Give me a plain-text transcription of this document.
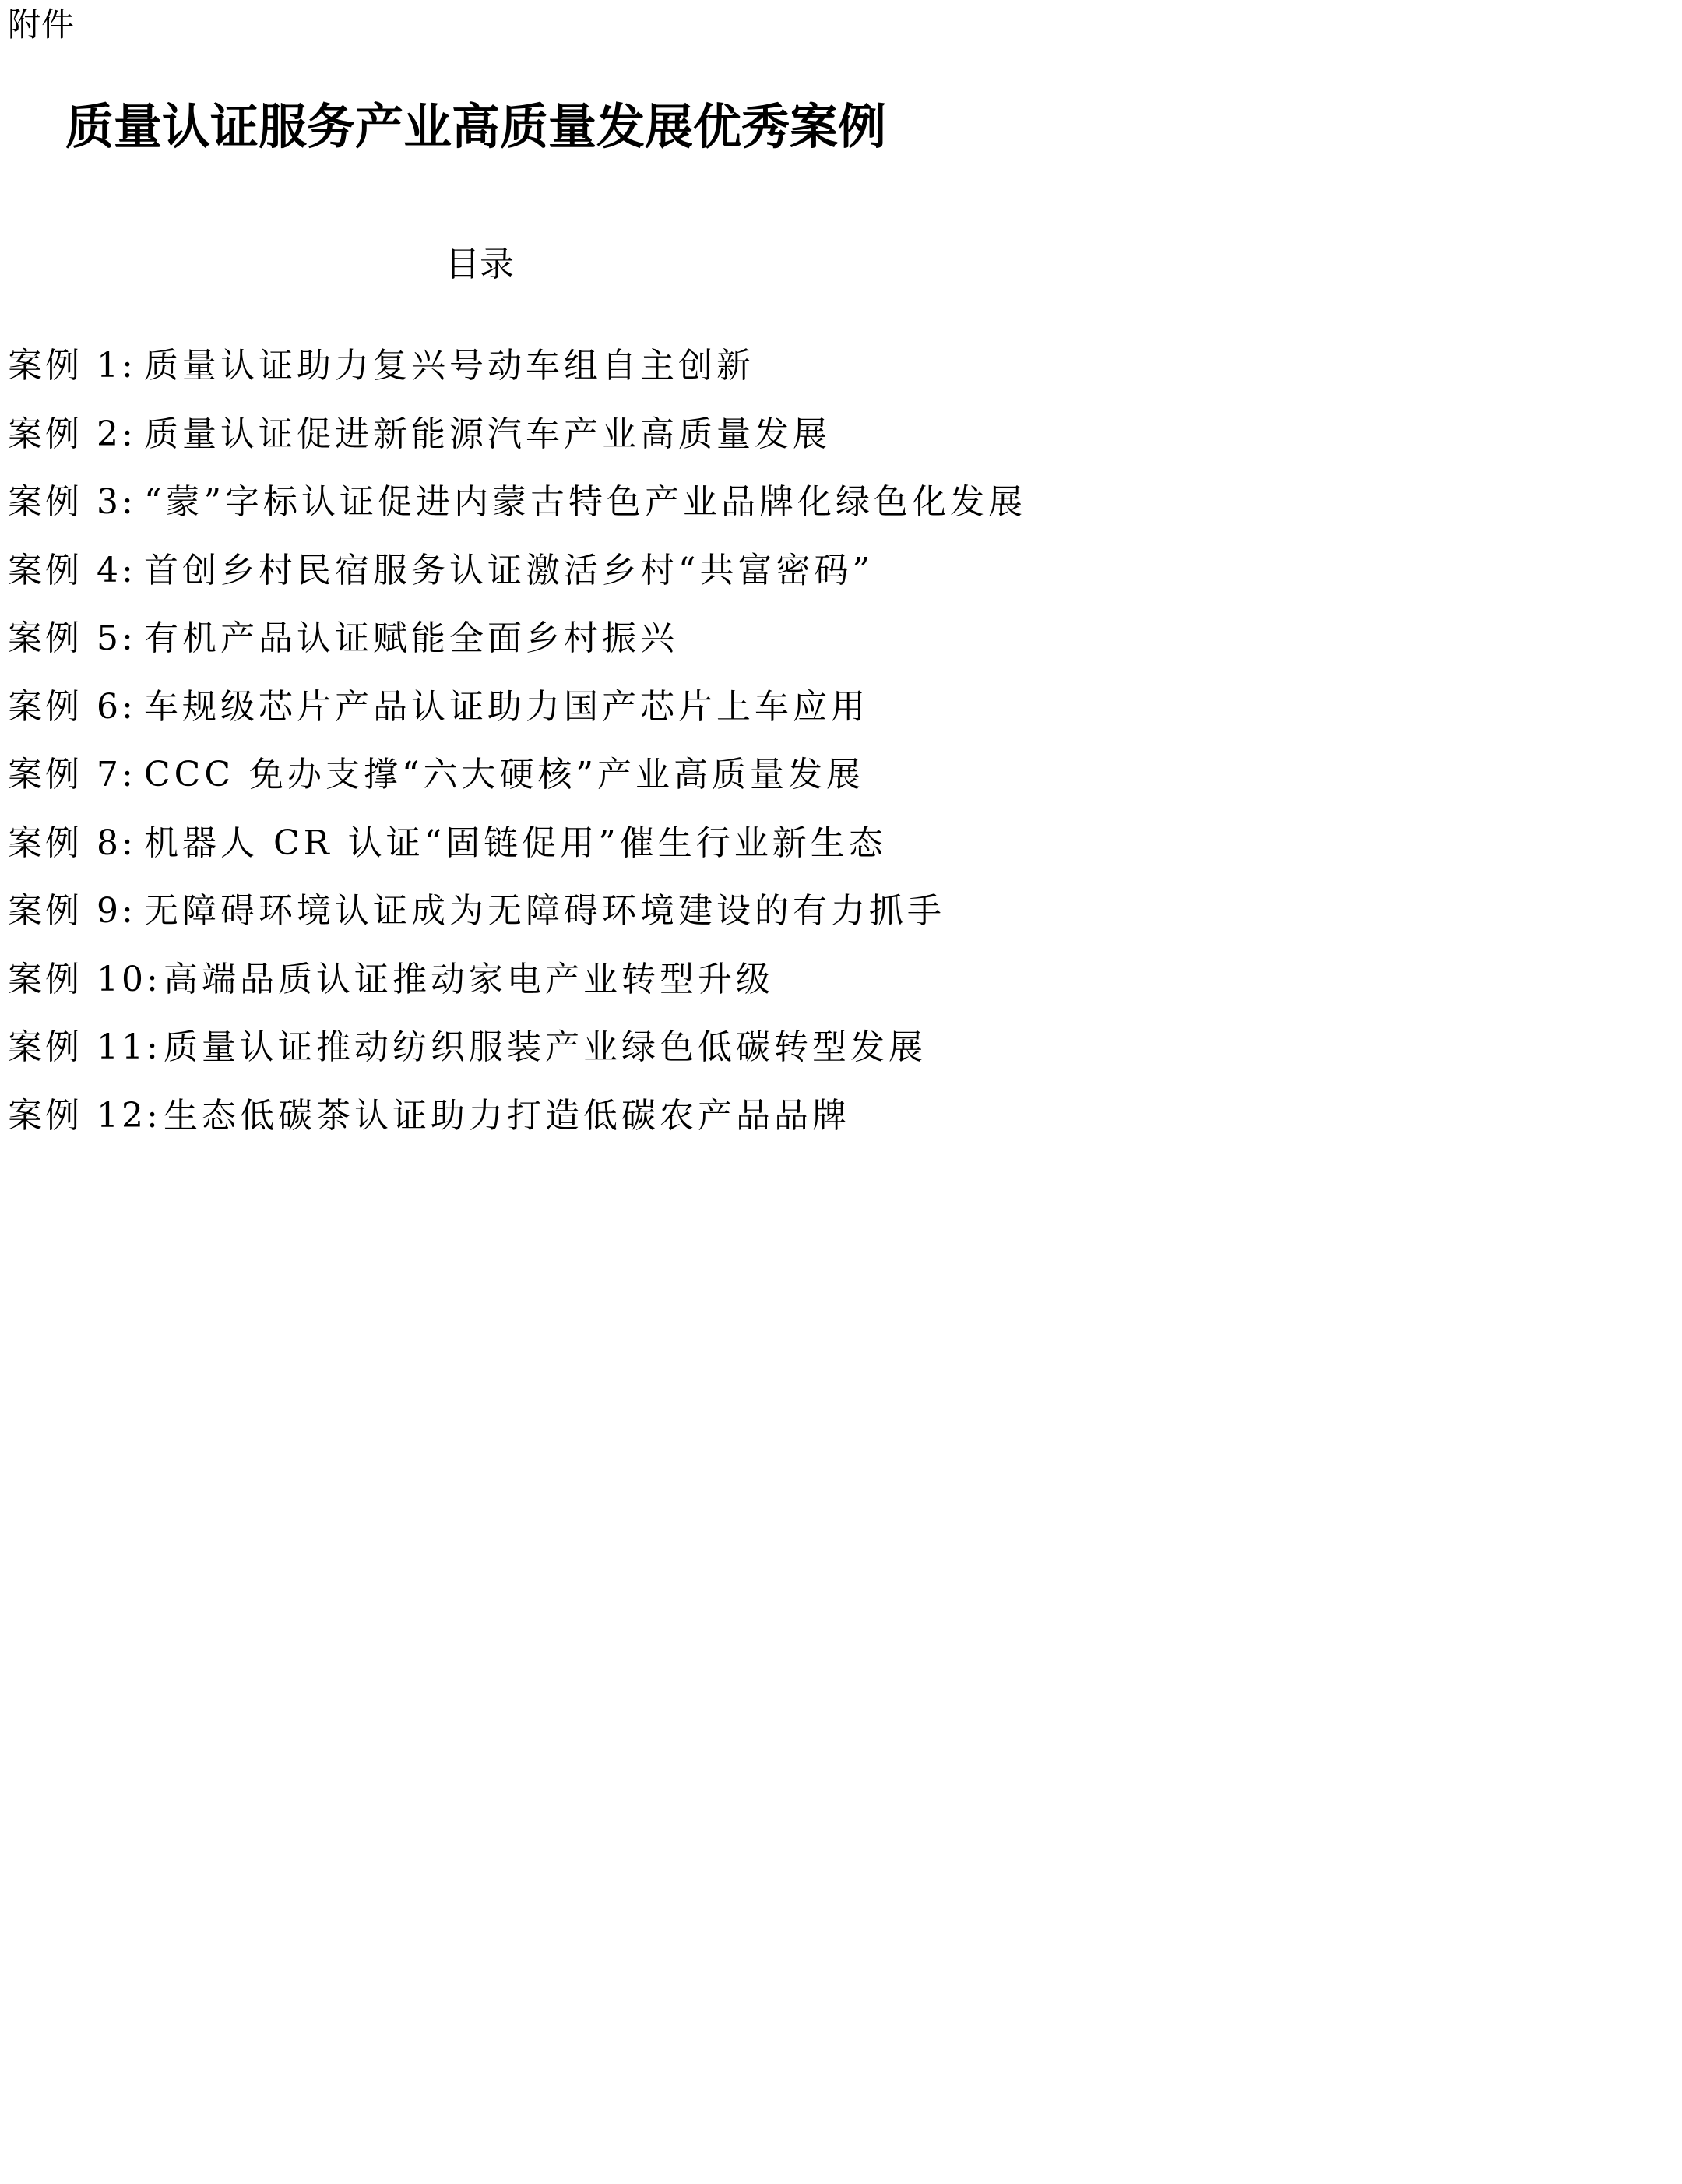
附件
质量认证服务产业高质量发展优秀案例
目录
案例 1: 质量认证助力复兴号动车组自主创新
案例 2: 质量认证促进新能源汽车产业高质量发展
案例 3: “蒙”字标认证促进内蒙古特色产业品牌化绿色化发展
案例 4: 首创乡村民宿服务认证激活乡村“共富密码”
案例 5: 有机产品认证赋能全面乡村振兴
案例 6: 车规级芯片产品认证助力国产芯片上车应用
案例 7: CCC 免办支撑“六大硬核”产业高质量发展
案例 8: 机器人 CR 认证“固链促用”催生行业新生态
案例 9: 无障碍环境认证成为无障碍环境建设的有力抓手
案例 10: 高端品质认证推动家电产业转型升级
案例 11: 质量认证推动纺织服装产业绿色低碳转型发展
案例 12: 生态低碳茶认证助力打造低碳农产品品牌
